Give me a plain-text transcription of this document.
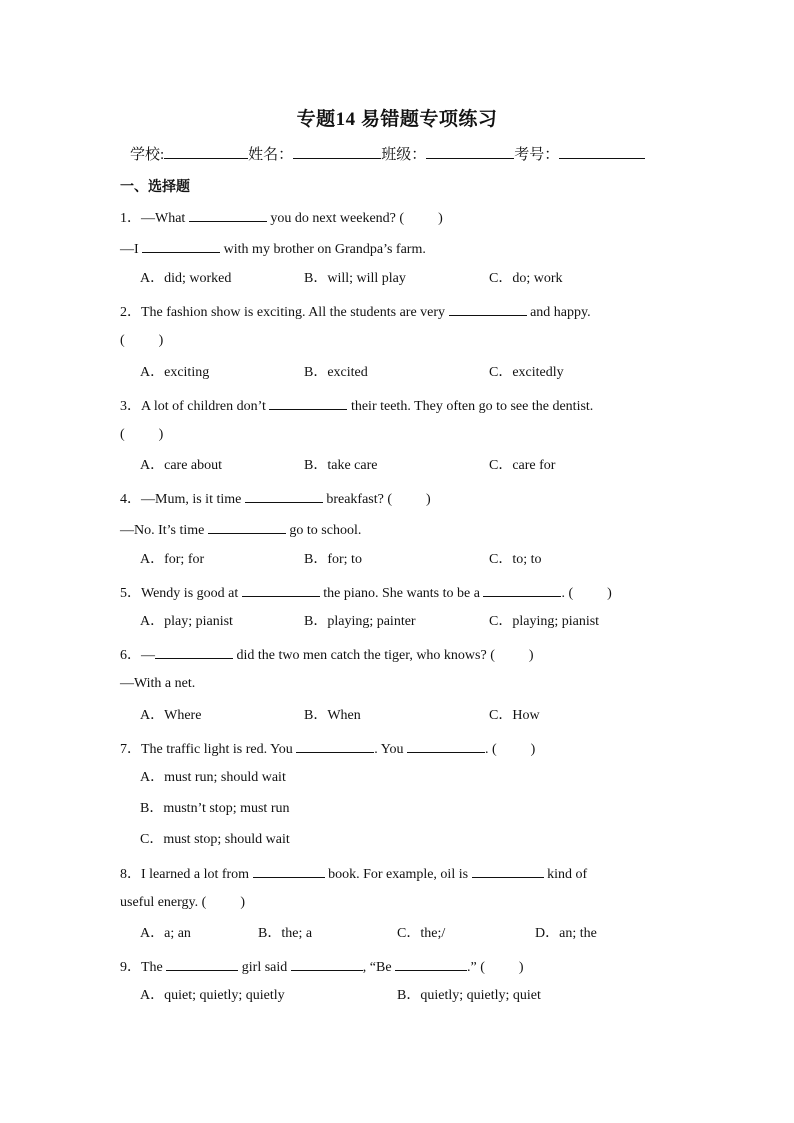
专题14 易错题专项练习
学校:	姓名：	班级：	考号：
一、选择题
1．—What	you do next weekend? ( )
—I	with my brother on Grandpa’s farm.
A．did; worked	B．will; will play	C．do; work
2．The fashion show is exciting. All the students are very	and happy.
( )
A．exciting	B．excited	C．excitedly
3．A lot of children don’t	their teeth. They often go to see the dentist.
( )
A．care about	B．take care	C．care for
4．—Mum, is it time	breakfast? ( )
—No. It’s time	go to school.
A．for; for	B．for; to	C．to; to
5．Wendy is good at	the piano. She wants to be a	. ( )
A．play; pianist	B．playing; painter	C．playing; pianist
6．—	did the two men catch the tiger, who knows? ( )
—With a net.
A．Where	B．When	C．How
7．The traffic light is red. You	. You	. ( )
A．must run; should wait
B．mustn’t stop; must run
C．must stop; should wait
8．I learned a lot from	book. For example, oil is	kind of
useful energy. ( )
A．a; an	B．the; a	C．the;/	D．an; the
9．The	girl said	, “Be	.” ( )
A．quiet; quietly; quietly	B．quietly; quietly; quiet
